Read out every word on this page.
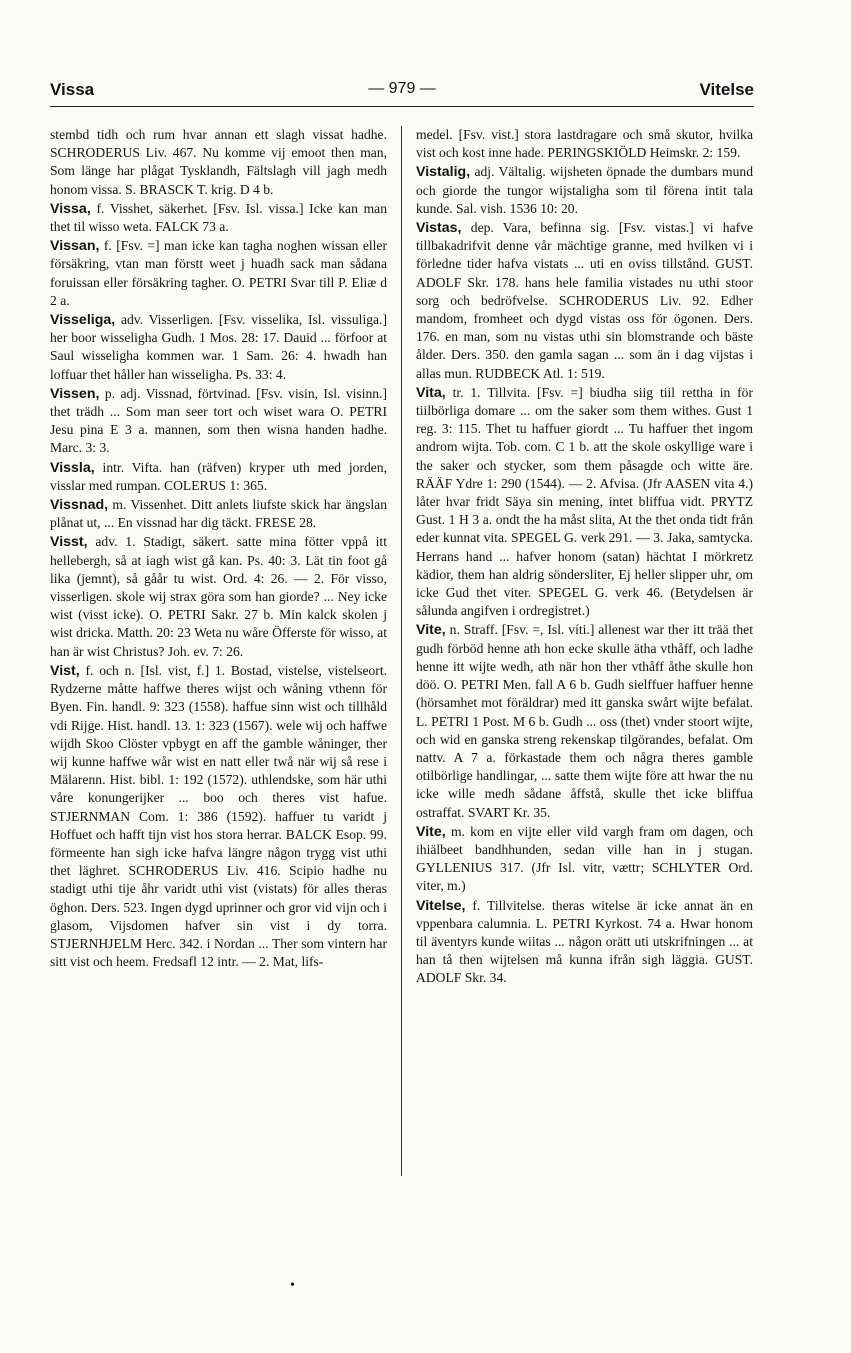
Vissa	— 979 —	Vitelse

stembd tidh och rum hvar annan ett slagh vissat hadhe. SCHRODERUS Liv. 467. Nu komme vij emoot then man, Som länge har plågat Tysklandh, Fältslagh vill jagh medh honom vissa. S. BRASCK T. krig. D 4 b.

Vissa, f. Visshet, säkerhet. [Fsv. Isl. vissa.] Icke kan man thet til wisso weta. FALCK 73 a.

Vissan, f. [Fsv. =] man icke kan tagha noghen wissan eller försäkring, vtan man förstt weet j huadh sack man sådana foruissan eller försäkring tagher. O. PETRI Svar till P. Eliæ d 2 a.

Visseliga, adv. Visserligen. [Fsv. visselika, Isl. vissuliga.] her boor wisseligha Gudh. 1 Mos. 28: 17. Dauid ... förfoor at Saul wisseligha kommen war. 1 Sam. 26: 4. hwadh han loffuar thet håller han wisseligha. Ps. 33: 4.

Vissen, p. adj. Vissnad, förtvinad. [Fsv. visin, Isl. visinn.] thet trädh ... Som man seer tort och wiset wara O. PETRI Jesu pina E 3 a. mannen, som then wisna handen hadhe. Marc. 3: 3.

Vissla, intr. Vifta. han (räfven) kryper uth med jorden, visslar med rumpan. COLERUS 1: 365.

Vissnad, m. Vissenhet. Ditt anlets liufste skick har ängslan plånat ut, ... En vissnad har dig täckt. FRESE 28.

Visst, adv. 1. Stadigt, säkert. satte mina fötter vppå itt hellebergh, så at iagh wist gå kan. Ps. 40: 3. Lät tin foot gå lika (jemnt), så gåår tu wist. Ord. 4: 26. — 2. För visso, visserligen. skole wij strax göra som han giorde? ... Ney icke wist (visst icke). O. PETRI Sakr. 27 b. Min kalck skolen j wist dricka. Matth. 20: 23 Weta nu wåre Öfferste för wisso, at han är wist Christus? Joh. ev. 7: 26.

Vist, f. och n. [Isl. vist, f.] 1. Bostad, vistelse, vistelseort. Rydzerne måtte haffwe theres wijst och wåning vthenn för Byen. Fin. handl. 9: 323 (1558). haffue sinn wist och tillhåld vdi Rijge. Hist. handl. 13. 1: 323 (1567). wele wij och haffwe wijdh Skoo Clöster vpbygt en aff the gamble wåninger, ther wij kunne haffwe wår wist en natt eller twå när wij så rese i Mälarenn. Hist. bibl. 1: 192 (1572). uthlendske, som här uthi våre konungerijker ... boo och theres vist hafue. STJERNMAN Com. 1: 386 (1592). haffuer tu varidt j Hoffuet och hafft tijn vist hos stora herrar. BALCK Esop. 99. förmeente han sigh icke hafva längre någon trygg vist uthi thet läghret. SCHRODERUS Liv. 416. Scipio hadhe nu stadigt uthi tije åhr varidt uthi vist (vistats) för alles theras öghon. Ders. 523. Ingen dygd uprinner och gror vid vijn och i glasom, Vijsdomen hafver sin vist i dy torra. STJERNHJELM Herc. 342. i Nordan ... Ther som vintern har sitt vist och heem. Fredsafl 12 intr. — 2. Mat, lifs-

medel. [Fsv. vist.] stora lastdragare och små skutor, hvilka vist och kost inne hade. PERINGSKIÖLD Heimskr. 2: 159.

Vistalig, adj. Vältalig. wijsheten öpnade the dumbars mund och giorde the tungor wijstaligha som til förena intit tala kunde. Sal. vish. 1536 10: 20.

Vistas, dep. Vara, befinna sig. [Fsv. vistas.] vi hafve tillbakadrifvit denne vår mächtige granne, med hvilken vi i förledne tider hafva vistats ... uti en oviss tillstånd. GUST. ADOLF Skr. 178. hans hele familia vistades nu uthi stoor sorg och bedröfvelse. SCHRODERUS Liv. 92. Edher mandom, fromheet och dygd vistas oss för ögonen. Ders. 176. en man, som nu vistas uthi sin blomstrande och bäste ålder. Ders. 350. den gamla sagan ... som än i dag vijstas i allas mun. RUDBECK Atl. 1: 519.

Vita, tr. 1. Tillvita. [Fsv. =] biudha siig tiil rettha in för tiilbörliga domare ... om the saker som them withes. Gust 1 reg. 3: 115. Thet tu haffuer giordt ... Tu haffuer thet ingom androm wijta. Tob. com. C 1 b. att the skole oskyllige ware i the saker och stycker, som them påsagde och witte äre. RÄÄF Ydre 1: 290 (1544). — 2. Afvisa. (Jfr AASEN vita 4.) låter hvar fridt Säya sin mening, intet bliffua vidt. PRYTZ Gust. 1 H 3 a. ondt the ha måst slita, At the thet onda tidt från eder kunnat vita. SPEGEL G. verk 291. — 3. Jaka, samtycka. Herrans hand ... hafver honom (satan) hächtat I mörkretz kädior, them han aldrig söndersliter, Ej heller slipper uhr, om icke Gud thet viter. SPEGEL G. verk 46. (Betydelsen är sålunda angifven i ordregistret.)

Vite, n. Straff. [Fsv. =, Isl. víti.] allenest war ther itt trää thet gudh förböd henne ath hon ecke skulle ätha vthåff, och ladhe henne itt wijte wedh, ath när hon ther vthåff åthe skulle hon döö. O. PETRI Men. fall A 6 b. Gudh sielffuer haffuer henne (hörsamhet mot föräldrar) med itt ganska swårt wijte befalat. L. PETRI 1 Post. M 6 b. Gudh ... oss (thet) vnder stoort wijte, och wid en ganska streng rekenskap tilgörandes, befalat. Om nattv. A 7 a. förkastade them och några theres gamble otilbörlige handlingar, ... satte them wijte före att hwar the nu icke wille medh sådane åffstå, skulle thet icke bliffua ostraffat. SVART Kr. 35.

Vite, m. kom en vijte eller vild vargh fram om dagen, och ihiälbeet bandhhunden, sedan ville han in j stugan. GYLLENIUS 317. (Jfr Isl. vitr, vættr; SCHLYTER Ord. viter, m.)

Vitelse, f. Tillvitelse. theras witelse är icke annat än en vppenbara calumnia. L. PETRI Kyrkost. 74 a. Hwar honom til äventyrs kunde wiitas ... någon orätt uti utskrifningen ... at han tå then wijtelsen må kunna ifrån sigh läggia. GUST. ADOLF Skr. 34.

•
